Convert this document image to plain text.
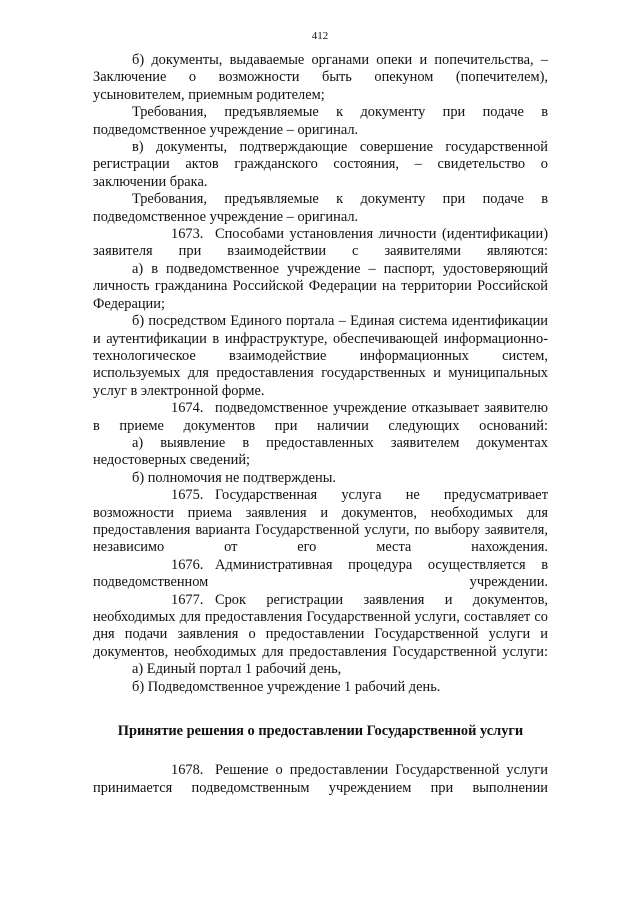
412

б) документы, выдаваемые органами опеки и попечительства, – Заключение о возможности быть опекуном (попечителем), усыновителем, приемным родителем;

Требования, предъявляемые к документу при подаче в подведомственное учреждение – оригинал.

в) документы, подтверждающие совершение государственной регистрации актов гражданского состояния, – свидетельство о заключении брака.

Требования, предъявляемые к документу при подаче в подведомственное учреждение – оригинал.

1673. Способами установления личности (идентификации) заявителя при взаимодействии с заявителями являются:

а) в подведомственное учреждение – паспорт, удостоверяющий личность гражданина Российской Федерации на территории Российской Федерации;

б) посредством Единого портала – Единая система идентификации и аутентификации в инфраструктуре, обеспечивающей информационно-технологическое взаимодействие информационных систем, используемых для предоставления государственных и муниципальных услуг в электронной форме.

1674. подведомственное учреждение отказывает заявителю в приеме документов при наличии следующих оснований:

а) выявление в предоставленных заявителем документах недостоверных сведений;

б) полномочия не подтверждены.

1675. Государственная услуга не предусматривает возможности приема заявления и документов, необходимых для предоставления варианта Государственной услуги, по выбору заявителя, независимо от его места нахождения.

1676. Административная процедура осуществляется в подведомственном учреждении.

1677. Срок регистрации заявления и документов, необходимых для предоставления Государственной услуги, составляет со дня подачи заявления о предоставлении Государственной услуги и документов, необходимых для предоставления Государственной услуги:

а) Единый портал 1 рабочий день,

б) Подведомственное учреждение 1 рабочий день.

Принятие решения о предоставлении Государственной услуги

1678. Решение о предоставлении Государственной услуги принимается подведомственным учреждением при выполнении
